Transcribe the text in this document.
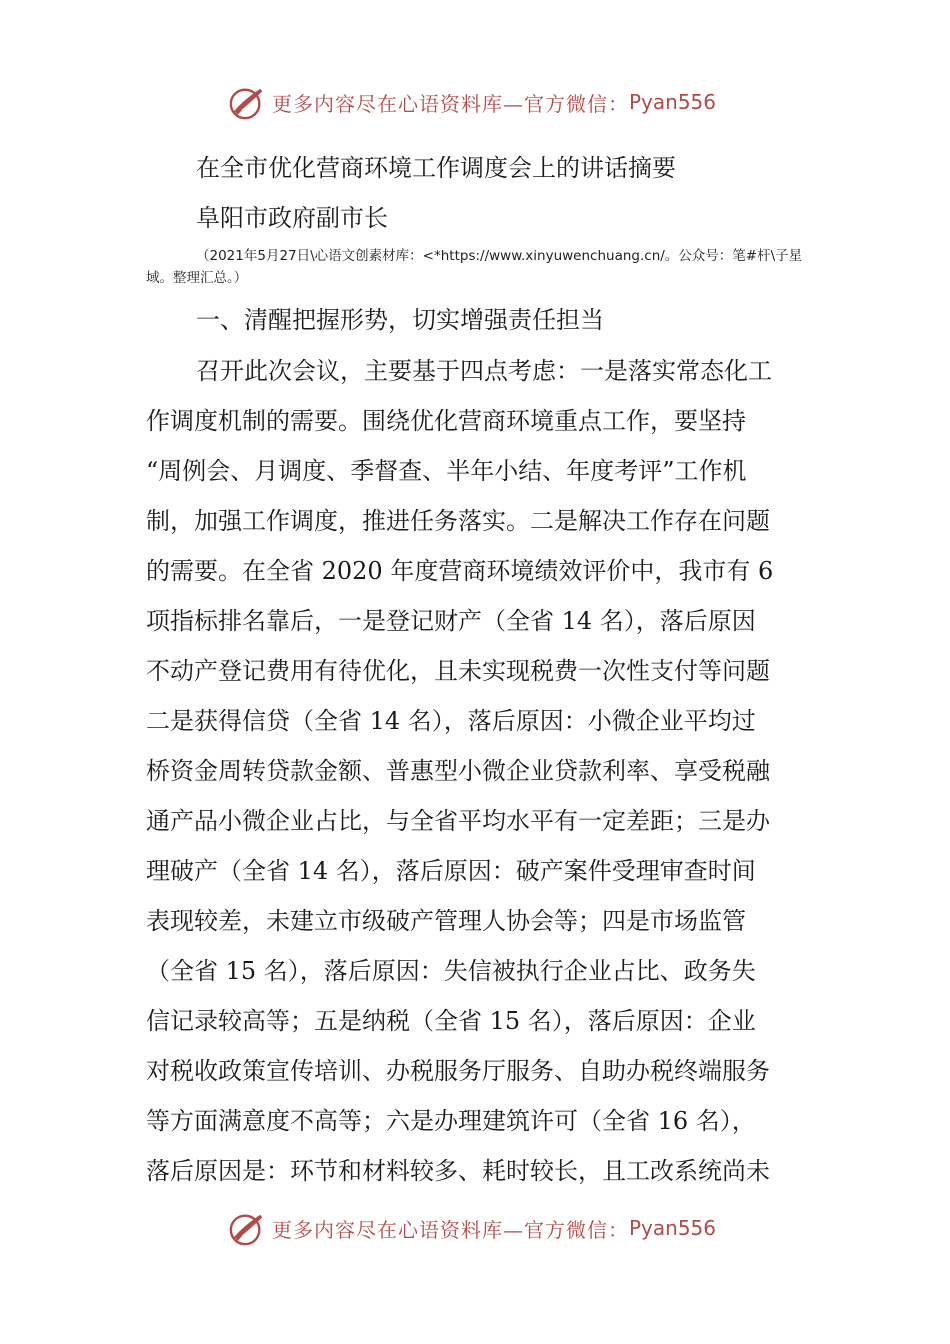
更多内容尽在心语资料库—官方微信： Pyan556
在全市优化营商环境工作调度会上的讲话摘要
阜阳市政府副市长
（2021年5月27日\心语文创素材库：<*https://www.xinyuwenchuang.cn/。公众号：笔#杆\子星域。整理汇总。）
一、清醒把握形势，切实增强责任担当
召开此次会议，主要基于四点考虑：一是落实常态化工
作调度机制的需要。围绕优化营商环境重点工作，要坚持
“周例会、月调度、季督查、半年小结、年度考评”工作机
制，加强工作调度，推进任务落实。二是解决工作存在问题
的需要。在全省 2020 年度营商环境绩效评价中，我市有 6
项指标排名靠后，一是登记财产（全省 14 名），落后原因
不动产登记费用有待优化，且未实现税费一次性支付等问题
二是获得信贷（全省 14 名），落后原因：小微企业平均过
桥资金周转贷款金额、普惠型小微企业贷款利率、享受税融
通产品小微企业占比，与全省平均水平有一定差距；三是办
理破产（全省 14 名），落后原因：破产案件受理审查时间
表现较差，未建立市级破产管理人协会等；四是市场监管
（全省 15 名），落后原因：失信被执行企业占比、政务失
信记录较高等；五是纳税（全省 15 名），落后原因：企业
对税收政策宣传培训、办税服务厅服务、自助办税终端服务
等方面满意度不高等；六是办理建筑许可（全省 16 名），
落后原因是：环节和材料较多、耗时较长，且工改系统尚未
更多内容尽在心语资料库—官方微信： Pyan556
